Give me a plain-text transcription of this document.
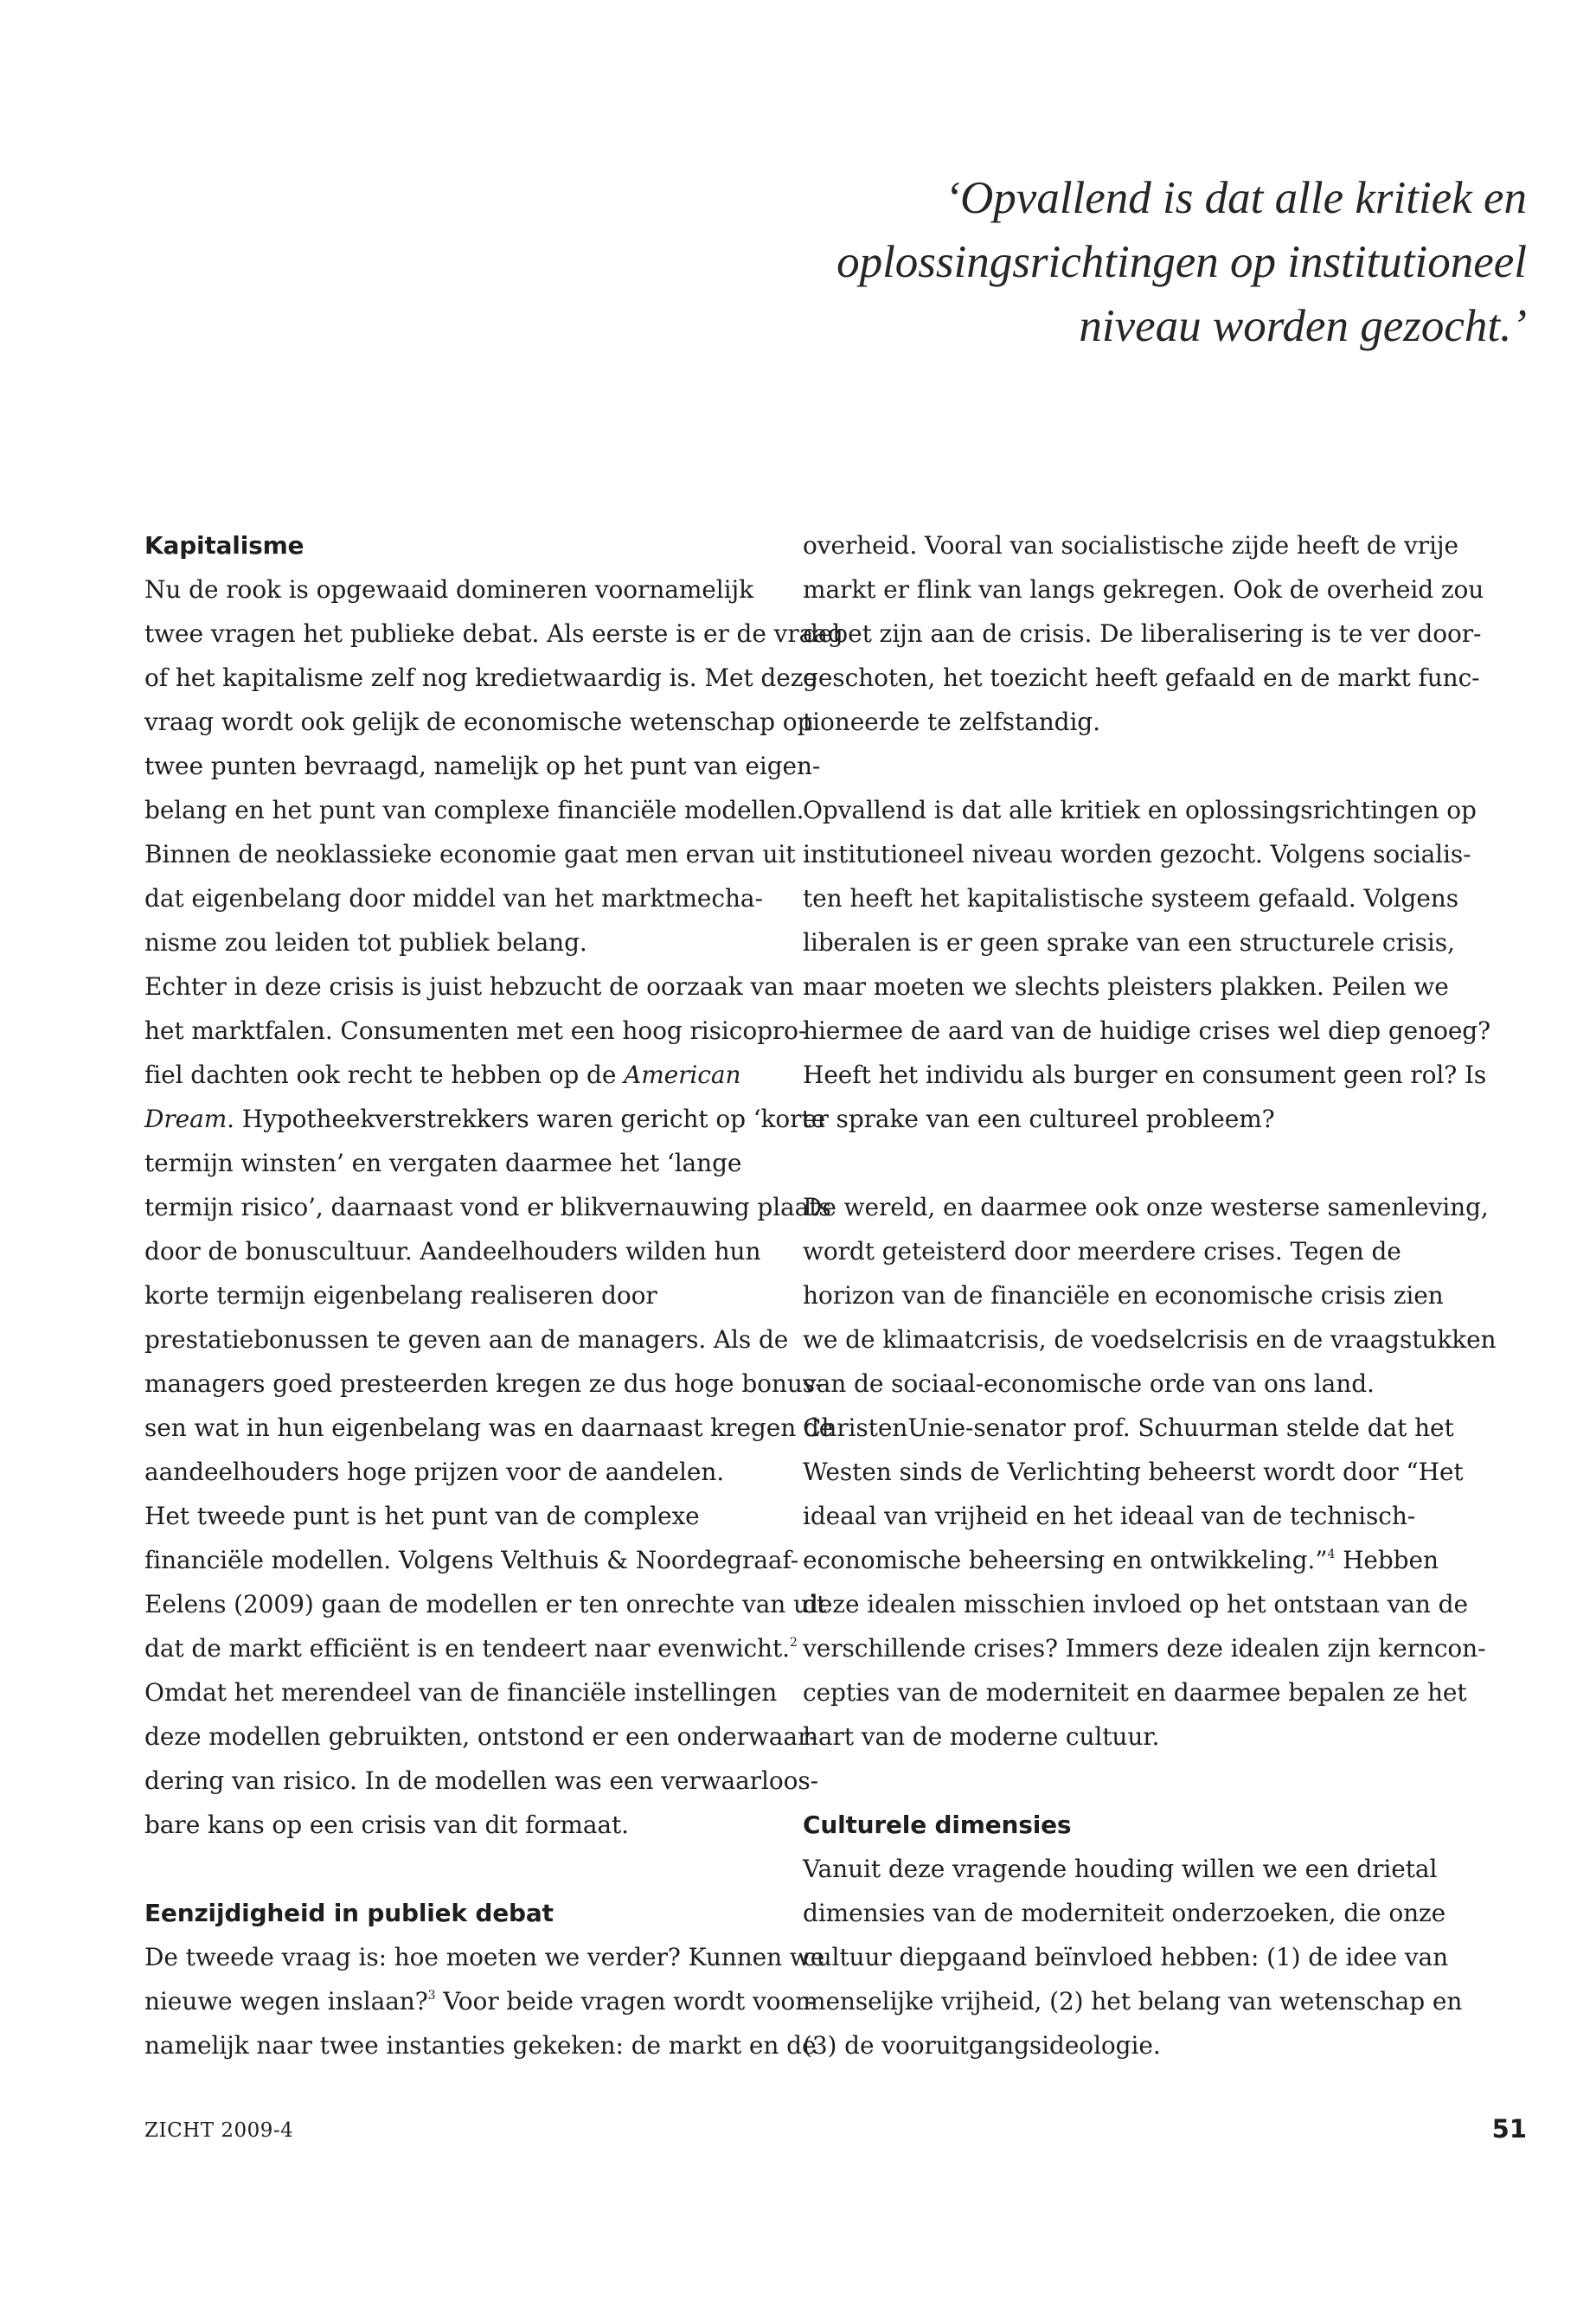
‘Opvallend is dat alle kritiek en
oplossingsrichtingen op institutioneel
niveau worden gezocht.’
Kapitalisme
Nu de rook is opgewaaid domineren voornamelijk
twee vragen het publieke debat. Als eerste is er de vraag
of het kapitalisme zelf nog kredietwaardig is. Met deze
vraag wordt ook gelijk de economische wetenschap op
twee punten bevraagd, namelijk op het punt van eigen-
belang en het punt van complexe financiële modellen.
Binnen de neoklassieke economie gaat men ervan uit
dat eigenbelang door middel van het marktmecha-
nisme zou leiden tot publiek belang.
Echter in deze crisis is juist hebzucht de oorzaak van
het marktfalen. Consumenten met een hoog risicopro-
fiel dachten ook recht te hebben op de American
Dream. Hypotheekverstrekkers waren gericht op ‘korte
termijn winsten’ en vergaten daarmee het ‘lange
termijn risico’, daarnaast vond er blikvernauwing plaats
door de bonuscultuur. Aandeelhouders wilden hun
korte termijn eigenbelang realiseren door
prestatiebonussen te geven aan de managers. Als de
managers goed presteerden kregen ze dus hoge bonus-
sen wat in hun eigenbelang was en daarnaast kregen de
aandeelhouders hoge prijzen voor de aandelen.
Het tweede punt is het punt van de complexe
financiële modellen. Volgens Velthuis & Noordegraaf-
Eelens (2009) gaan de modellen er ten onrechte van uit
dat de markt efficiënt is en tendeert naar evenwicht.$^2$
Omdat het merendeel van de financiële instellingen
deze modellen gebruikten, ontstond er een onderwaar-
dering van risico. In de modellen was een verwaarloos-
bare kans op een crisis van dit formaat.
Eenzijdigheid in publiek debat
De tweede vraag is: hoe moeten we verder? Kunnen we
nieuwe wegen inslaan?$^3$ Voor beide vragen wordt voor-
namelijk naar twee instanties gekeken: de markt en de
overheid. Vooral van socialistische zijde heeft de vrije
markt er flink van langs gekregen. Ook de overheid zou
debet zijn aan de crisis. De liberalisering is te ver door-
geschoten, het toezicht heeft gefaald en de markt func-
tioneerde te zelfstandig.
Opvallend is dat alle kritiek en oplossingsrichtingen op
institutioneel niveau worden gezocht. Volgens socialis-
ten heeft het kapitalistische systeem gefaald. Volgens
liberalen is er geen sprake van een structurele crisis,
maar moeten we slechts pleisters plakken. Peilen we
hiermee de aard van de huidige crises wel diep genoeg?
Heeft het individu als burger en consument geen rol? Is
er sprake van een cultureel probleem?
De wereld, en daarmee ook onze westerse samenleving,
wordt geteisterd door meerdere crises. Tegen de
horizon van de financiële en economische crisis zien
we de klimaatcrisis, de voedselcrisis en de vraagstukken
van de sociaal-economische orde van ons land.
ChristenUnie-senator prof. Schuurman stelde dat het
Westen sinds de Verlichting beheerst wordt door “Het
ideaal van vrijheid en het ideaal van de technisch-
economische beheersing en ontwikkeling.”$^4$ Hebben
deze idealen misschien invloed op het ontstaan van de
verschillende crises? Immers deze idealen zijn kerncon-
cepties van de moderniteit en daarmee bepalen ze het
hart van de moderne cultuur.
Culturele dimensies
Vanuit deze vragende houding willen we een drietal
dimensies van de moderniteit onderzoeken, die onze
cultuur diepgaand beïnvloed hebben: (1) de idee van
menselijke vrijheid, (2) het belang van wetenschap en
(3) de vooruitgangsideologie.
ZICHT 2009-4	51
